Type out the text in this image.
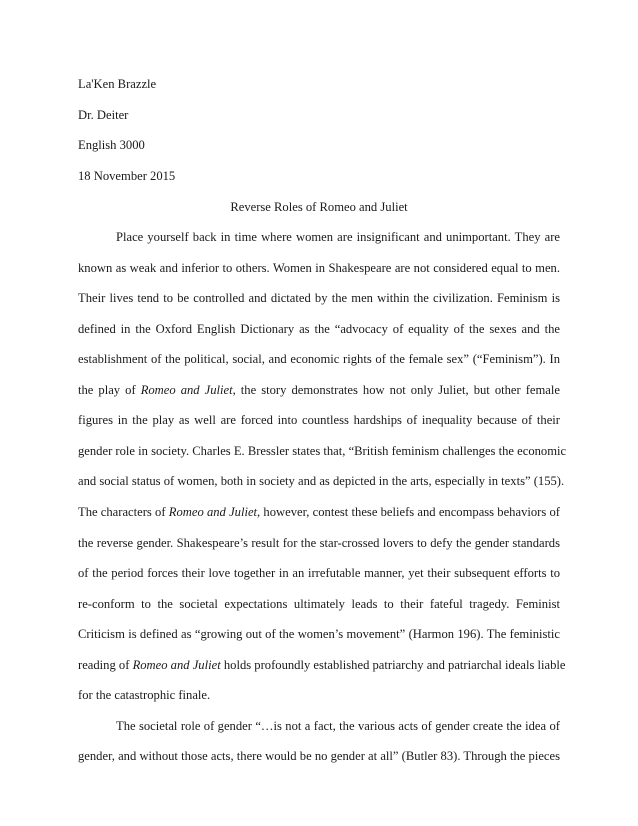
La'Ken Brazzle
Dr. Deiter
English 3000
18 November 2015
Reverse Roles of Romeo and Juliet
Place yourself back in time where women are insignificant and unimportant. They are
known as weak and inferior to others. Women in Shakespeare are not considered equal to men.
Their lives tend to be controlled and dictated by the men within the civilization. Feminism is
defined in the Oxford English Dictionary as the “advocacy of equality of the sexes and the
establishment of the political, social, and economic rights of the female sex” (“Feminism”). In
the play of Romeo and Juliet, the story demonstrates how not only Juliet, but other female
figures in the play as well are forced into countless hardships of inequality because of their
gender role in society. Charles E. Bressler states that, “British feminism challenges the economic
and social status of women, both in society and as depicted in the arts, especially in texts” (155).
The characters of Romeo and Juliet, however, contest these beliefs and encompass behaviors of
the reverse gender. Shakespeare’s result for the star-crossed lovers to defy the gender standards
of the period forces their love together in an irrefutable manner, yet their subsequent efforts to
re-conform to the societal expectations ultimately leads to their fateful tragedy. Feminist
Criticism is defined as “growing out of the women’s movement” (Harmon 196). The feministic
reading of Romeo and Juliet holds profoundly established patriarchy and patriarchal ideals liable
for the catastrophic finale.
The societal role of gender “…is not a fact, the various acts of gender create the idea of
gender, and without those acts, there would be no gender at all” (Butler 83). Through the pieces
